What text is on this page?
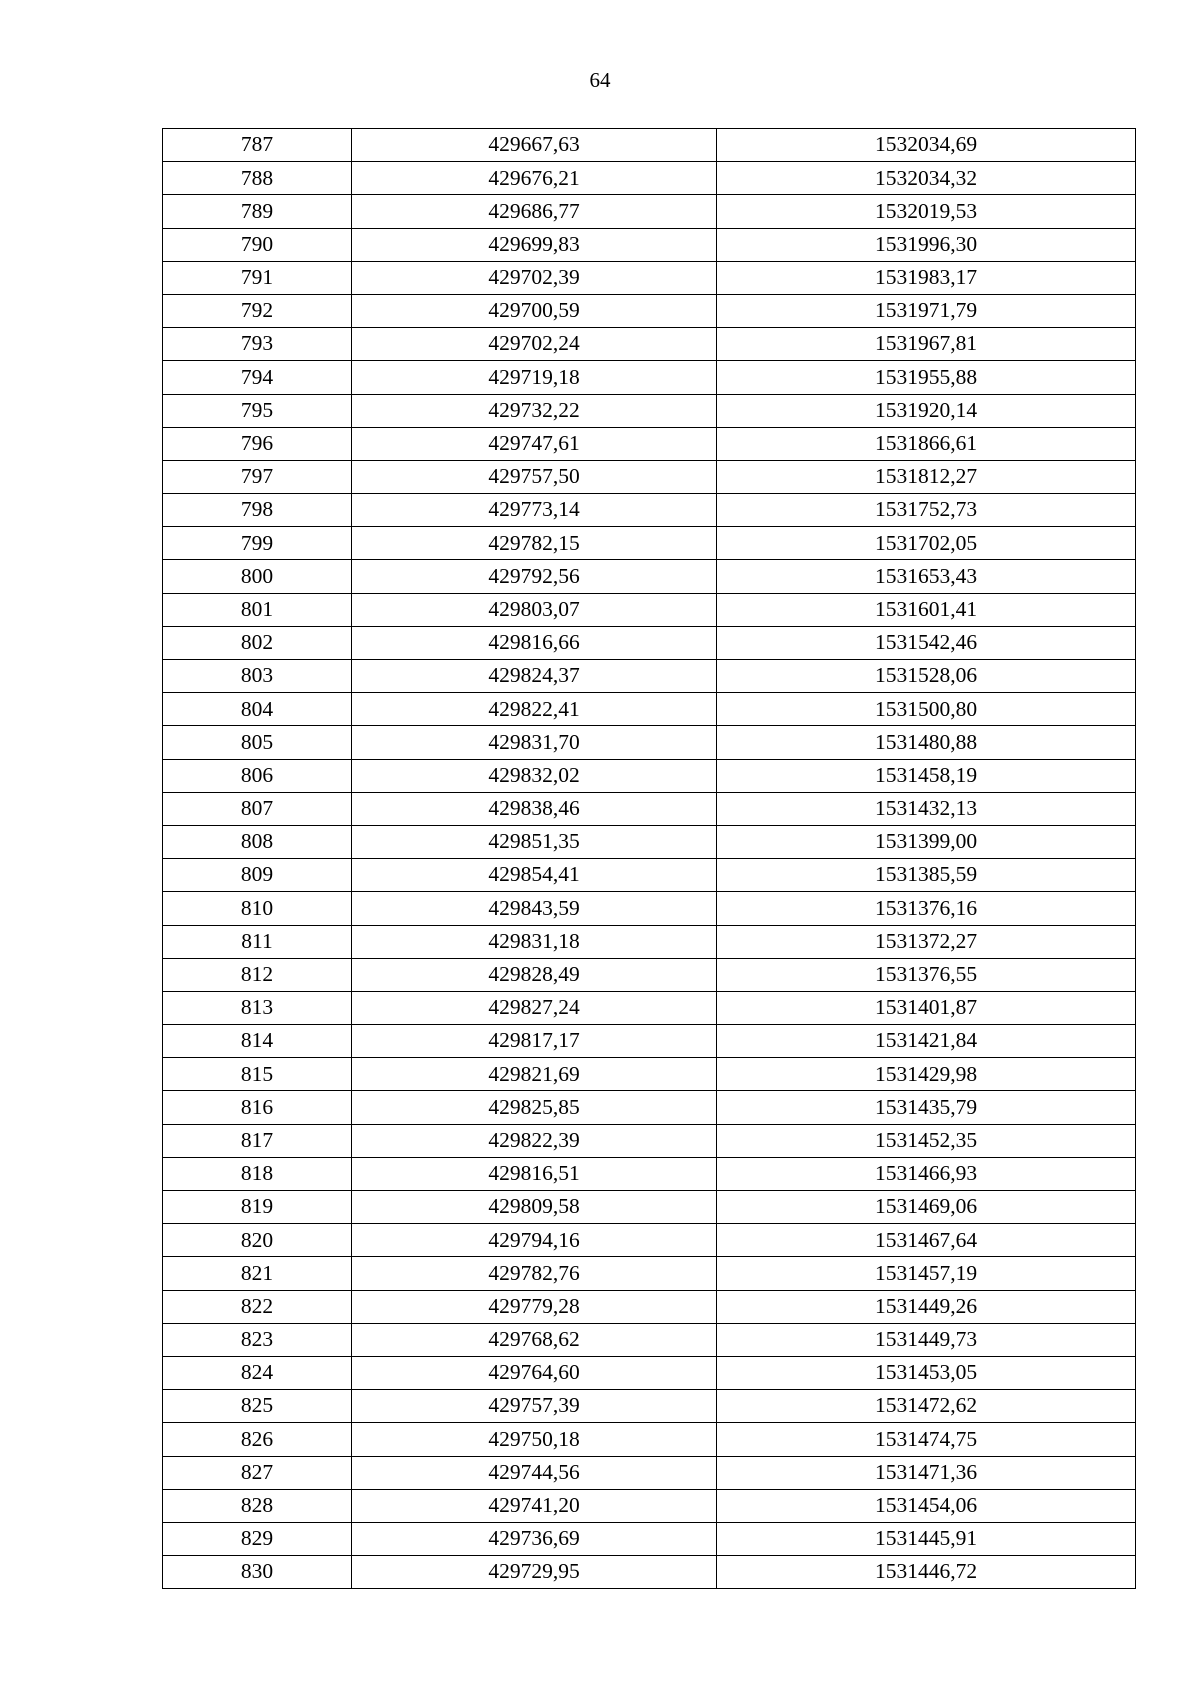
64
787	429667,63	1532034,69
788	429676,21	1532034,32
789	429686,77	1532019,53
790	429699,83	1531996,30
791	429702,39	1531983,17
792	429700,59	1531971,79
793	429702,24	1531967,81
794	429719,18	1531955,88
795	429732,22	1531920,14
796	429747,61	1531866,61
797	429757,50	1531812,27
798	429773,14	1531752,73
799	429782,15	1531702,05
800	429792,56	1531653,43
801	429803,07	1531601,41
802	429816,66	1531542,46
803	429824,37	1531528,06
804	429822,41	1531500,80
805	429831,70	1531480,88
806	429832,02	1531458,19
807	429838,46	1531432,13
808	429851,35	1531399,00
809	429854,41	1531385,59
810	429843,59	1531376,16
811	429831,18	1531372,27
812	429828,49	1531376,55
813	429827,24	1531401,87
814	429817,17	1531421,84
815	429821,69	1531429,98
816	429825,85	1531435,79
817	429822,39	1531452,35
818	429816,51	1531466,93
819	429809,58	1531469,06
820	429794,16	1531467,64
821	429782,76	1531457,19
822	429779,28	1531449,26
823	429768,62	1531449,73
824	429764,60	1531453,05
825	429757,39	1531472,62
826	429750,18	1531474,75
827	429744,56	1531471,36
828	429741,20	1531454,06
829	429736,69	1531445,91
830	429729,95	1531446,72
